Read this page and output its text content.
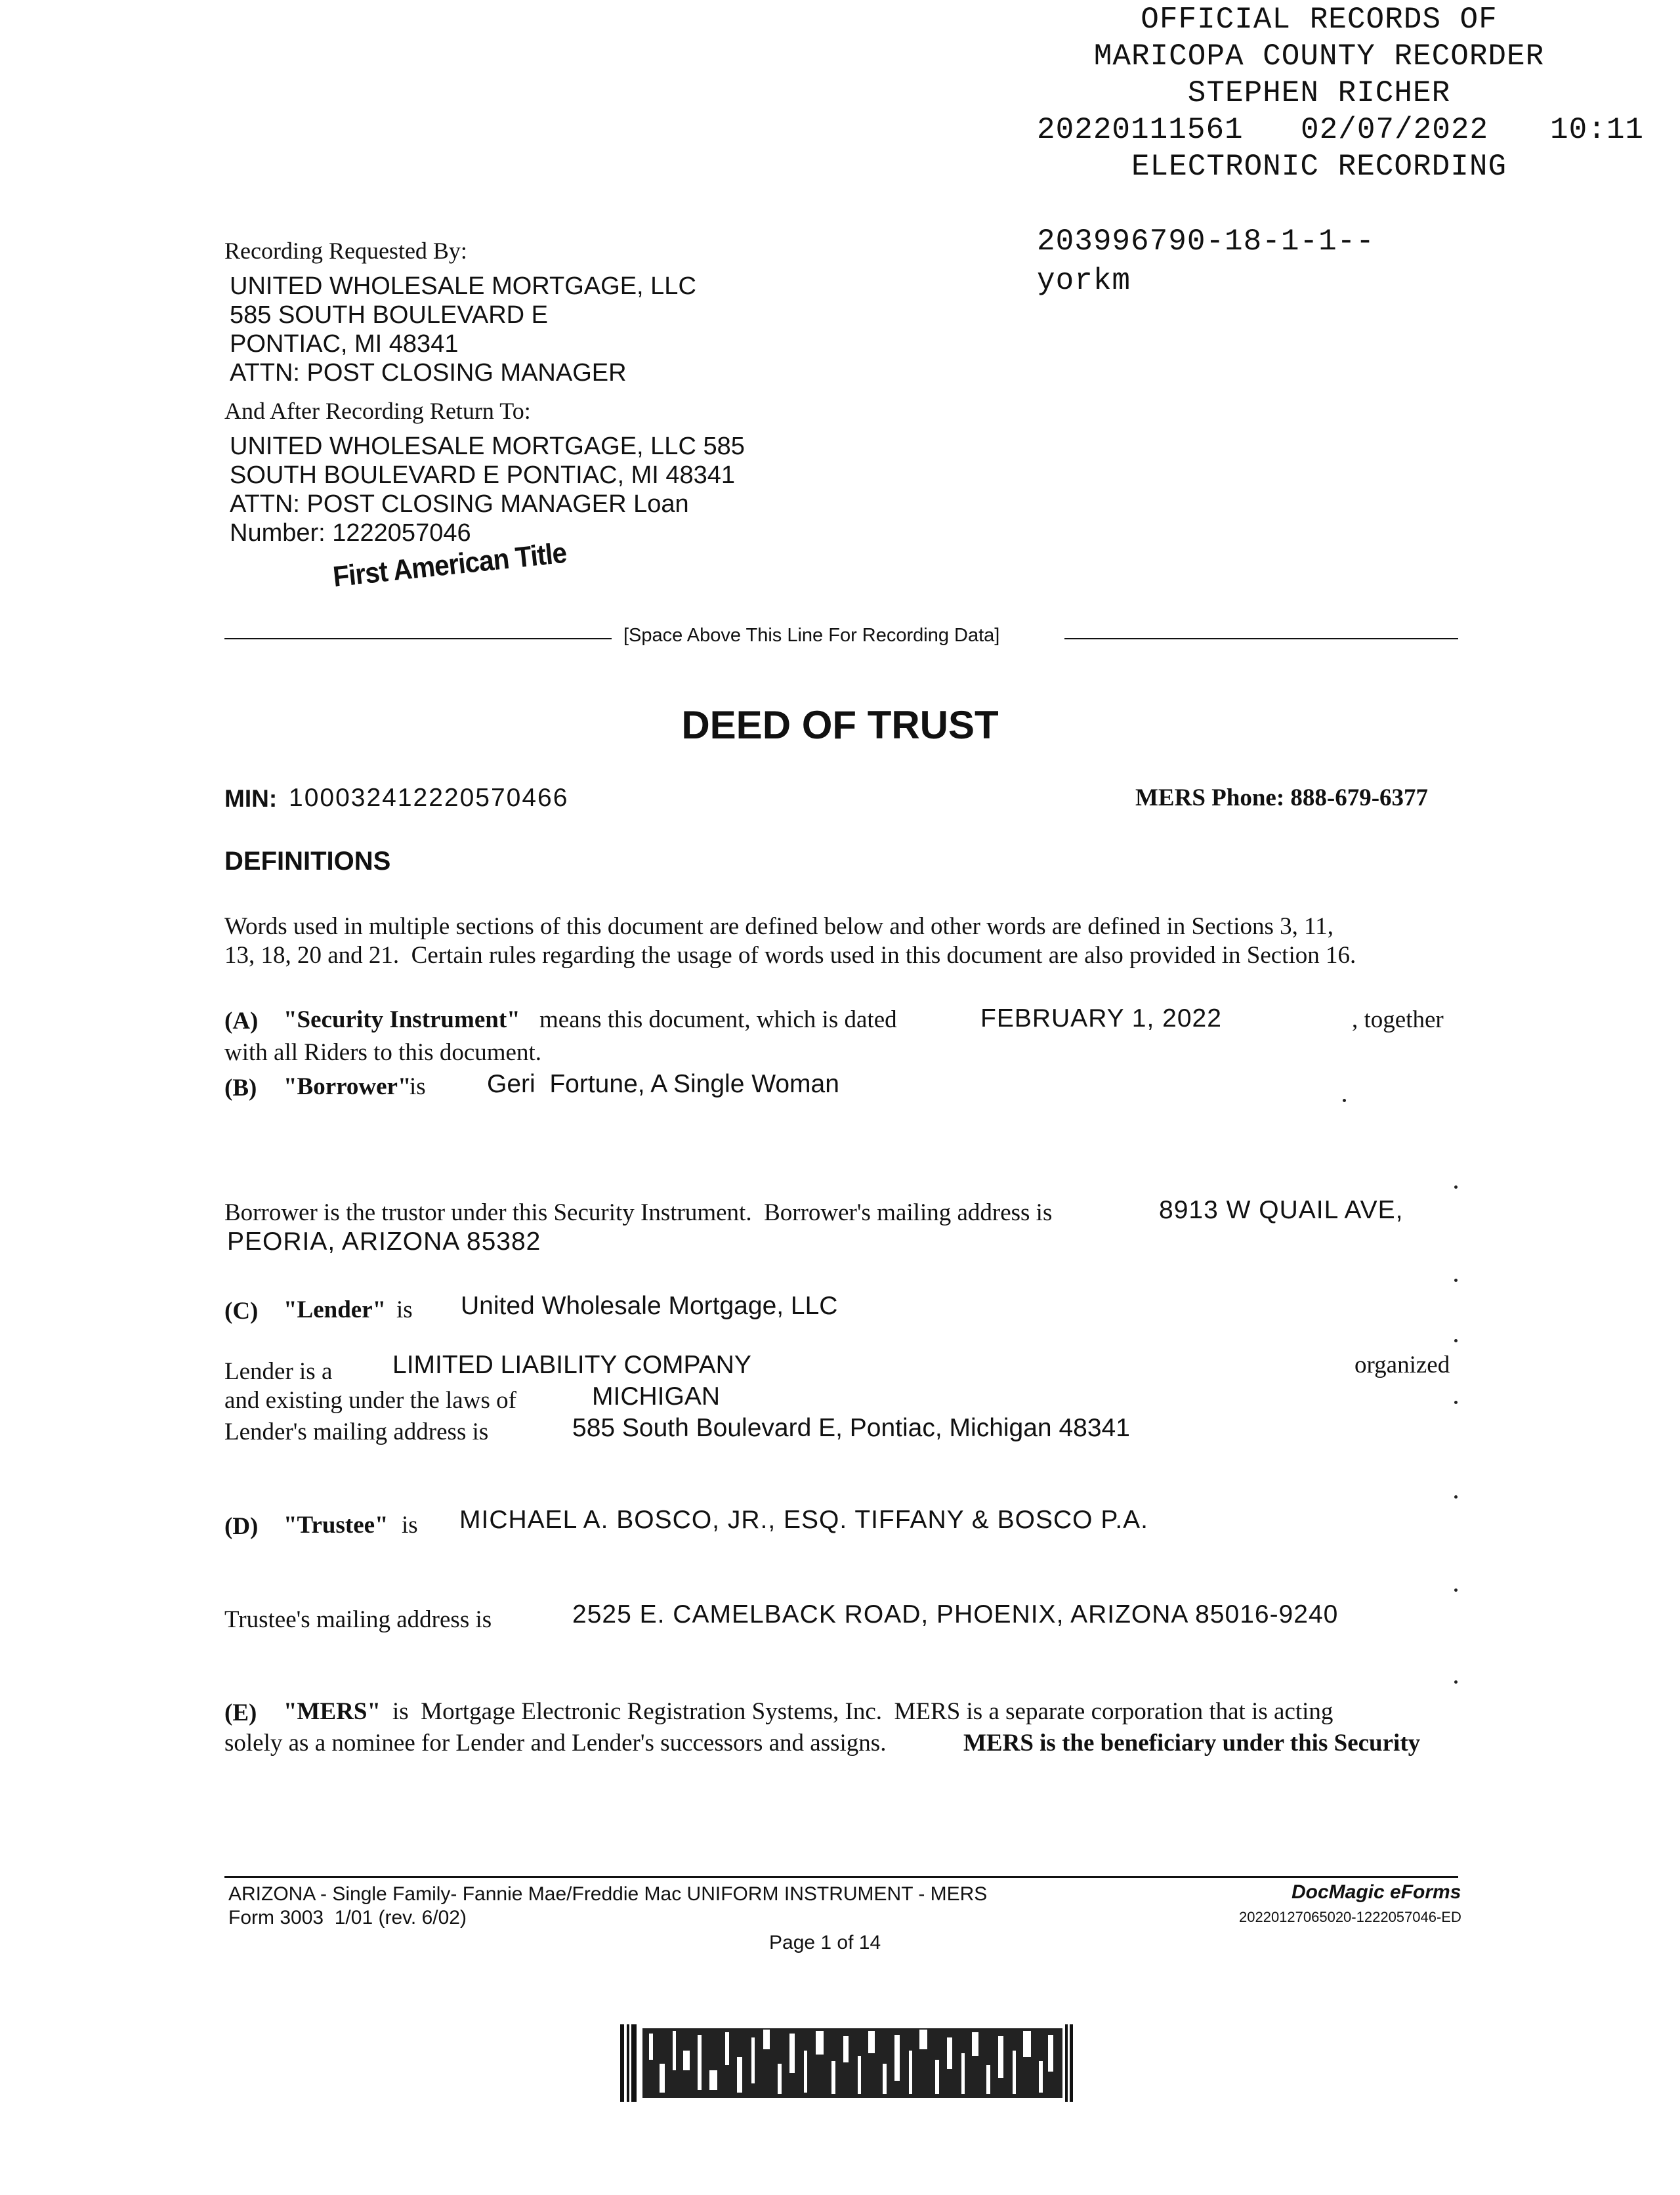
OFFICIAL RECORDS OF
MARICOPA COUNTY RECORDER
STEPHEN RICHER
20220111561 02/07/2022 10:11
ELECTRONIC RECORDING
203996790-18-1-1--
yorkm
Recording Requested By:
UNITED WHOLESALE MORTGAGE, LLC
585 SOUTH BOULEVARD E
PONTIAC, MI 48341
ATTN: POST CLOSING MANAGER
And After Recording Return To:
UNITED WHOLESALE MORTGAGE, LLC 585
SOUTH BOULEVARD E PONTIAC, MI 48341
ATTN: POST CLOSING MANAGER Loan
Number: 1222057046
First American Title
[Space Above This Line For Recording Data]
DEED OF TRUST
MIN: 100032412220570466	MERS Phone: 888-679-6377
DEFINITIONS
Words used in multiple sections of this document are defined below and other words are defined in Sections 3, 11,
13, 18, 20 and 21.  Certain rules regarding the usage of words used in this document are also provided in Section 16.
(A) "Security Instrument" means this document, which is dated	FEBRUARY 1, 2022	, together
with all Riders to this document.
(B) "Borrower"
is Geri  Fortune, A Single Woman
Borrower is the trustor under this Security Instrument.  Borrower's mailing address is	8913 W QUAIL AVE,
PEORIA, ARIZONA 85382
(C) "Lender" is United Wholesale Mortgage, LLC
Lender is a LIMITED LIABILITY COMPANY	organized
and existing under the laws of	MICHIGAN
Lender's mailing address is	585 South Boulevard E, Pontiac, Michigan 48341
(D) "Trustee" is MICHAEL A. BOSCO, JR., ESQ. TIFFANY & BOSCO P.A.
Trustee's mailing address is	2525 E. CAMELBACK ROAD, PHOENIX, ARIZONA 85016-9240
(E) "MERS" is  Mortgage Electronic Registration Systems, Inc.  MERS is a separate corporation that is acting
solely as a nominee for Lender and Lender's successors and assigns.	MERS is the beneficiary under this Security
ARIZONA - Single Family- Fannie Mae/Freddie Mac UNIFORM INSTRUMENT - MERS
Form 3003  1/01 (rev. 6/02)
DocMagic eForms
20220127065020-1222057046-ED
Page 1 of 14
